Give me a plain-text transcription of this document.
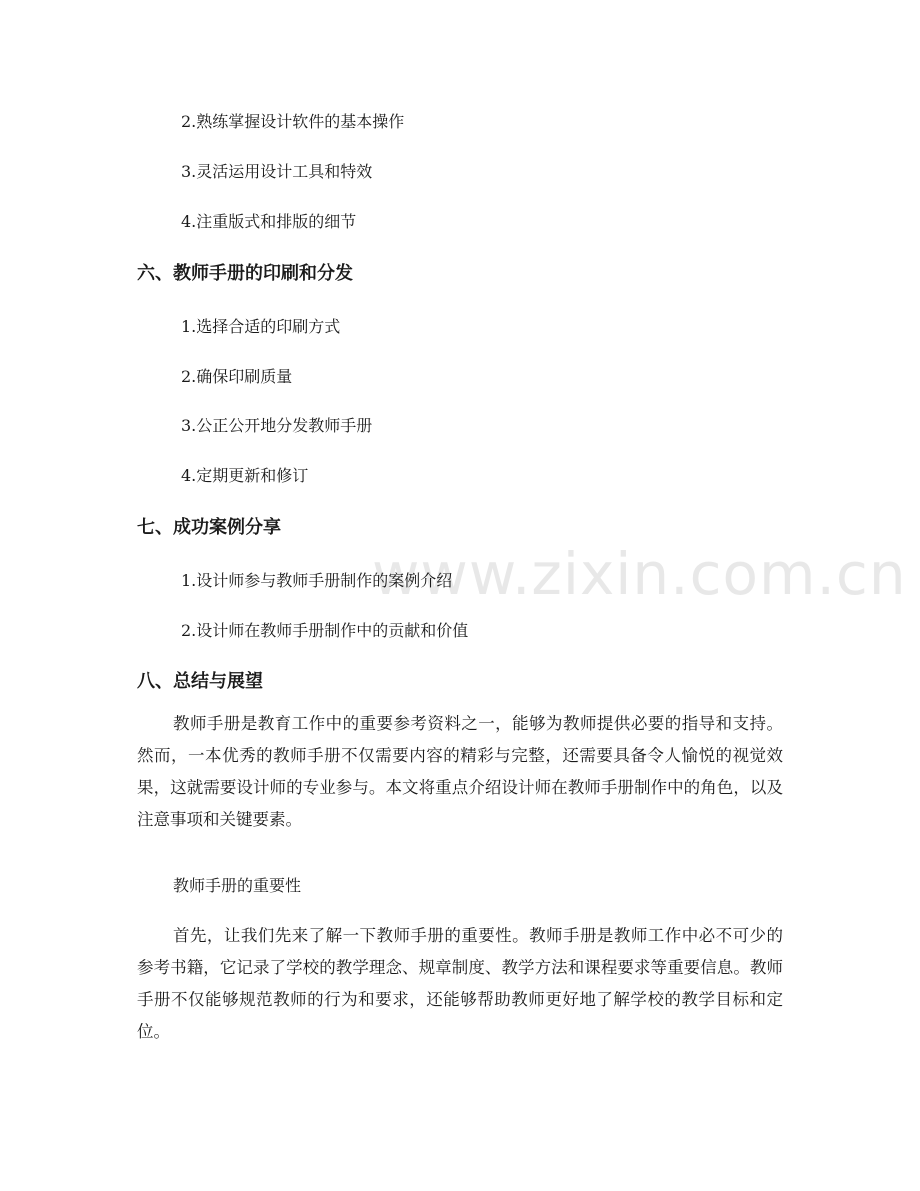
www.zixin.com.cn
2.熟练掌握设计软件的基本操作
3.灵活运用设计工具和特效
4.注重版式和排版的细节
六、教师手册的印刷和分发
1.选择合适的印刷方式
2.确保印刷质量
3.公正公开地分发教师手册
4.定期更新和修订
七、成功案例分享
1.设计师参与教师手册制作的案例介绍
2.设计师在教师手册制作中的贡献和价值
八、总结与展望
教师手册是教育工作中的重要参考资料之一，能够为教师提供必要的指导和支持。然而，一本优秀的教师手册不仅需要内容的精彩与完整，还需要具备令人愉悦的视觉效果，这就需要设计师的专业参与。本文将重点介绍设计师在教师手册制作中的角色，以及注意事项和关键要素。
教师手册的重要性
首先，让我们先来了解一下教师手册的重要性。教师手册是教师工作中必不可少的参考书籍，它记录了学校的教学理念、规章制度、教学方法和课程要求等重要信息。教师手册不仅能够规范教师的行为和要求，还能够帮助教师更好地了解学校的教学目标和定位。
